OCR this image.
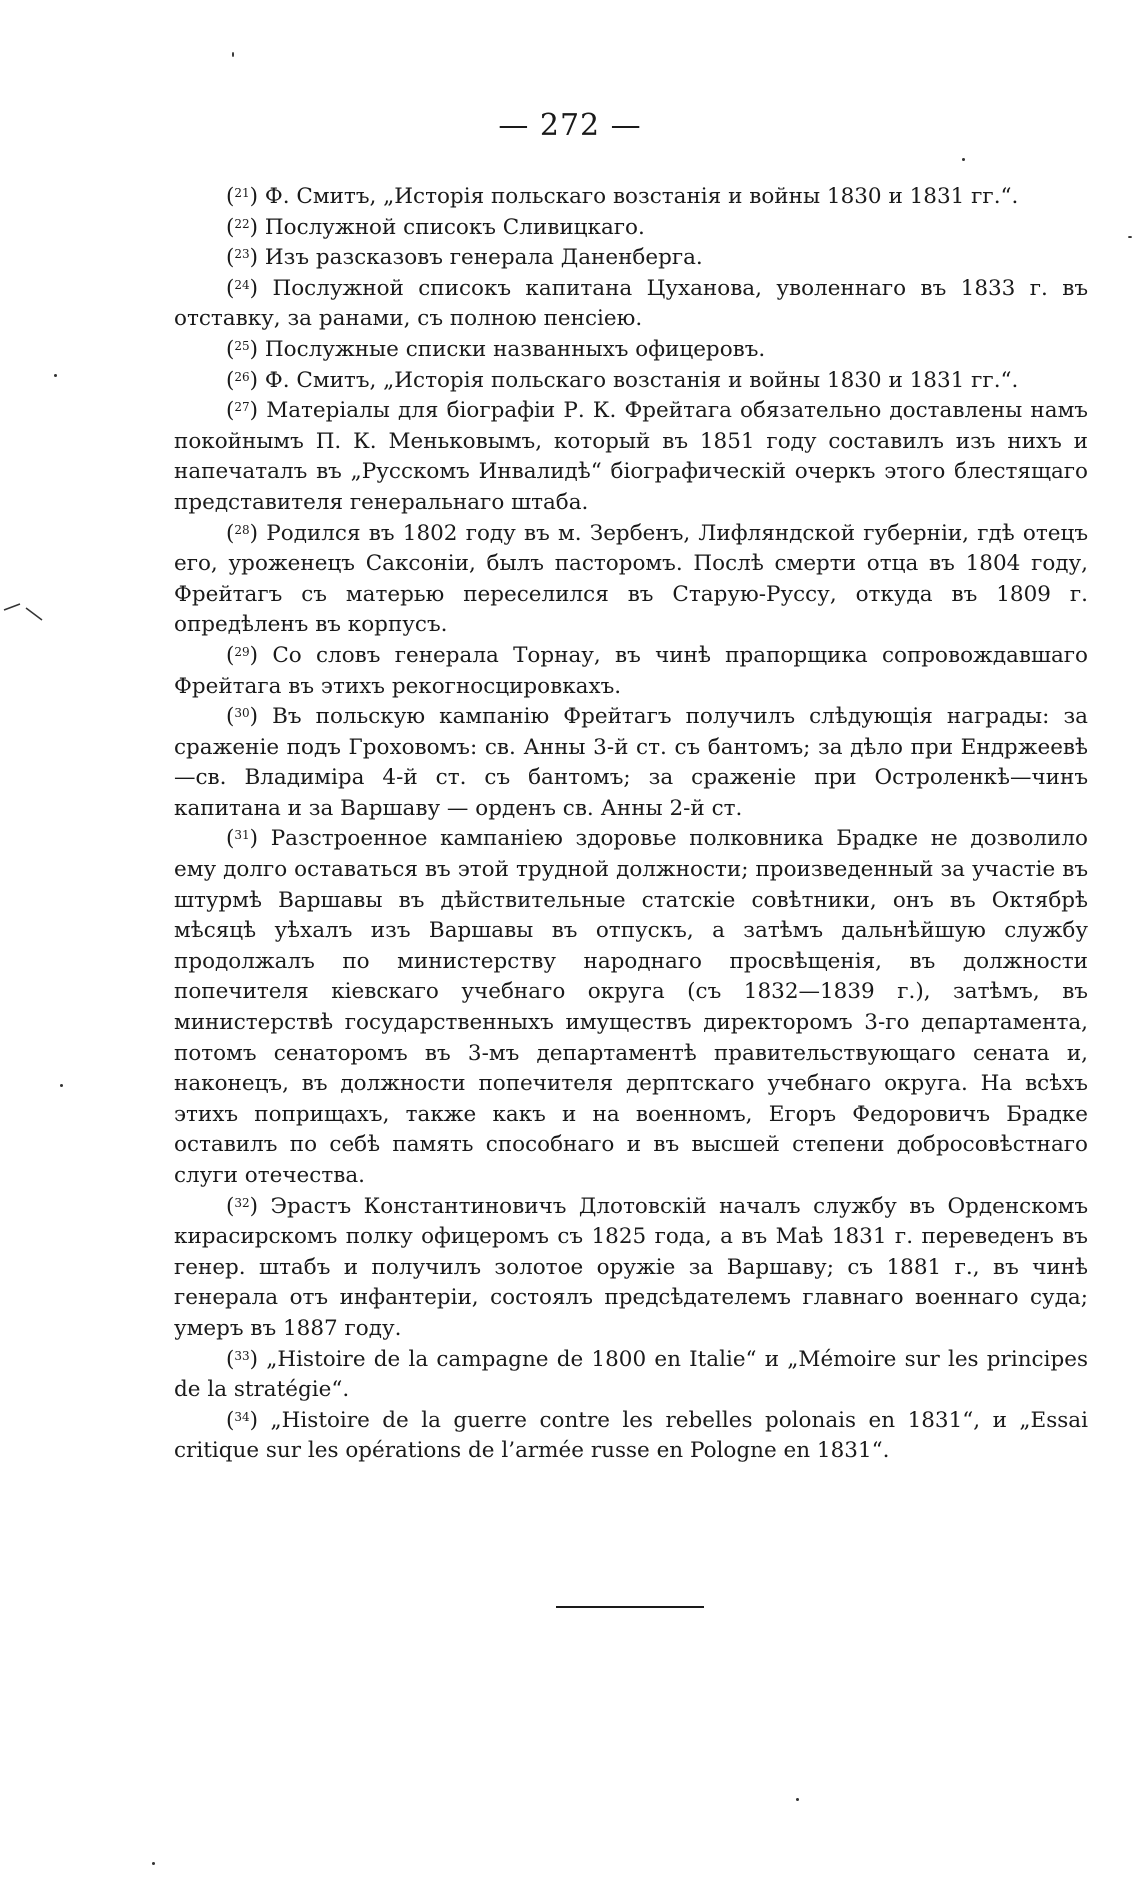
— 272 —

($^{21}$) Ф. Смитъ, „Исторія польскаго возстанія и войны 1830 и 1831 гг.“.

($^{22}$) Послужной списокъ Сливицкаго.

($^{23}$) Изъ разсказовъ генерала Даненберга.

($^{24}$) Послужной списокъ капитана Цуханова, уволеннаго въ 1833 г. въ отставку, за ранами, съ полною пенсіею.

($^{25}$) Послужные списки названныхъ офицеровъ.

($^{26}$) Ф. Смитъ, „Исторія польскаго возстанія и войны 1830 и 1831 гг.“.

($^{27}$) Матеріалы для біографіи Р. К. Фрейтага обязательно доставлены намъ покойнымъ П. К. Меньковымъ, который въ 1851 году составилъ изъ нихъ и напечаталъ въ „Русскомъ Инвалидѣ“ біографическій очеркъ этого блестящаго представителя генеральнаго штаба.

($^{28}$) Родился въ 1802 году въ м. Зербенъ, Лифляндской губерніи, гдѣ отецъ его, уроженецъ Саксоніи, былъ пасторомъ. Послѣ смерти отца въ 1804 году, Фрейтагъ съ матерью переселился въ Старую-Руссу, откуда въ 1809 г. опредѣленъ въ корпусъ.

($^{29}$) Со словъ генерала Торнау, въ чинѣ прапорщика сопровождавшаго Фрейтага въ этихъ рекогносцировкахъ.

($^{30}$) Въ польскую кампанію Фрейтагъ получилъ слѣдующія награды: за сраженіе подъ Гроховомъ: св. Анны 3-й ст. съ бантомъ; за дѣло при Ендржеевѣ—св. Владиміра 4-й ст. съ бантомъ; за сраженіе при Остроленкѣ—чинъ капитана и за Варшаву — орденъ св. Анны 2-й ст.

($^{31}$) Разстроенное кампаніею здоровье полковника Брадке не дозволило ему долго оставаться въ этой трудной должности; произведенный за участіе въ штурмѣ Варшавы въ дѣйствительные статскіе совѣтники, онъ въ Октябрѣ мѣсяцѣ уѣхалъ изъ Варшавы въ отпускъ, а затѣмъ дальнѣйшую службу продолжалъ по министерству народнаго просвѣщенія, въ должности попечителя кіевскаго учебнаго округа (съ 1832—1839 г.), затѣмъ, въ министерствѣ государственныхъ имуществъ директоромъ 3-го департамента, потомъ сенаторомъ въ 3-мъ департаментѣ правительствующаго сената и, наконецъ, въ должности попечителя дерптскаго учебнаго округа. На всѣхъ этихъ поприщахъ, также какъ и на военномъ, Егоръ Федоровичъ Брадке оставилъ по себѣ память способнаго и въ высшей степени добросовѣстнаго слуги отечества.

($^{32}$) Эрастъ Константиновичъ Длотовскій началъ службу въ Орденскомъ кирасирскомъ полку офицеромъ съ 1825 года, а въ Маѣ 1831 г. переведенъ въ генер. штабъ и получилъ золотое оружіе за Варшаву; съ 1881 г., въ чинѣ генерала отъ инфантеріи, состоялъ предсѣдателемъ главнаго военнаго суда; умеръ въ 1887 году.

($^{33}$) „Histoire de la campagne de 1800 en Italie“ и „Mémoire sur les principes de la stratégie“.

($^{34}$) „Histoire de la guerre contre les rebelles polonais en 1831“, и „Essai critique sur les opérations de l’armée russe en Pologne en 1831“.
